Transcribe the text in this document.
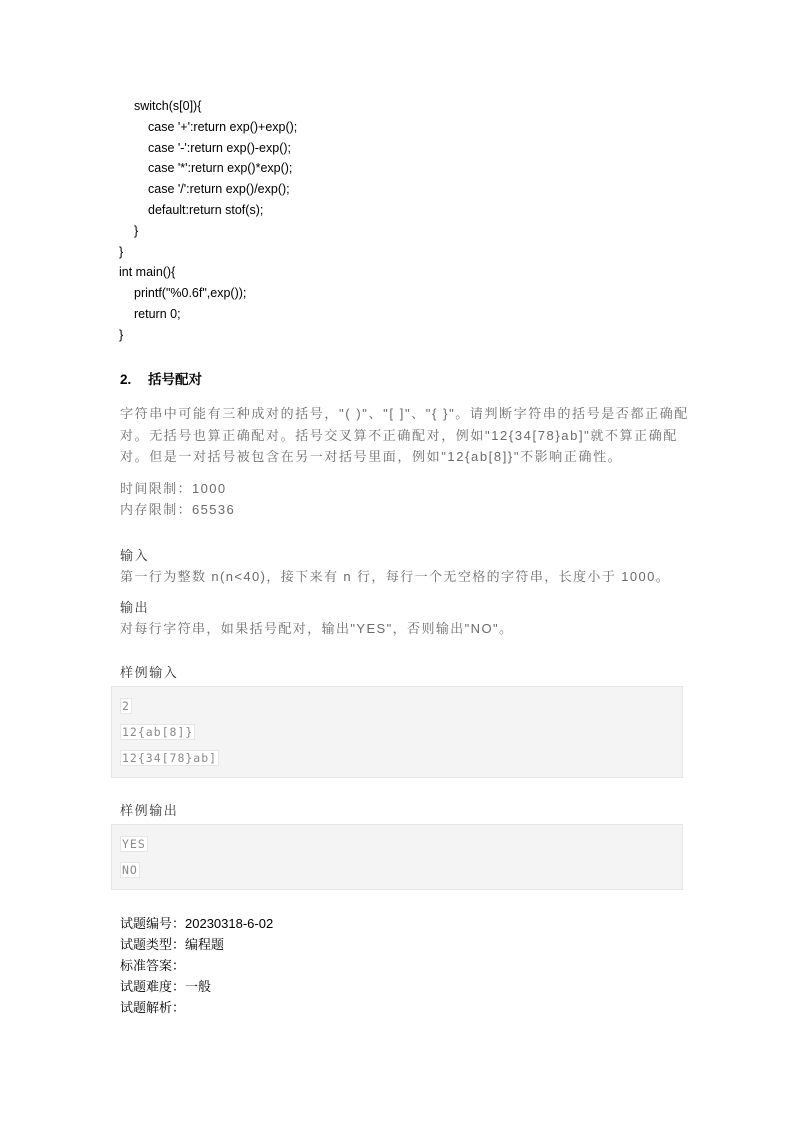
switch(s[0]){
case '+':return exp()+exp();
case '-':return exp()-exp();
case '*':return exp()*exp();
case '/':return exp()/exp();
default:return stof(s);
}
}
int main(){
printf("%0.6f",exp());
return 0;
}
2. 括号配对

字符串中可能有三种成对的括号，"( )"、"[ ]"、"{ }"。请判断字符串的括号是否都正确配

对。无括号也算正确配对。括号交叉算不正确配对，例如"12{34[78}ab]"就不算正确配

对。但是一对括号被包含在另一对括号里面，例如"12{ab[8]}"不影响正确性。

时间限制：1000

内存限制：65536

输入
第一行为整数 n(n<40)，接下来有 n 行，每行一个无空格的字符串，长度小于 1000。
输出
对每行字符串，如果括号配对，输出"YES"，否则输出"NO"。
样例输入
2
12{ab[8]}
12{34[78}ab]
样例输出
YES
NO

试题编号：20230318-6-02

试题类型：编程题

标准答案：

试题难度：一般

试题解析：
